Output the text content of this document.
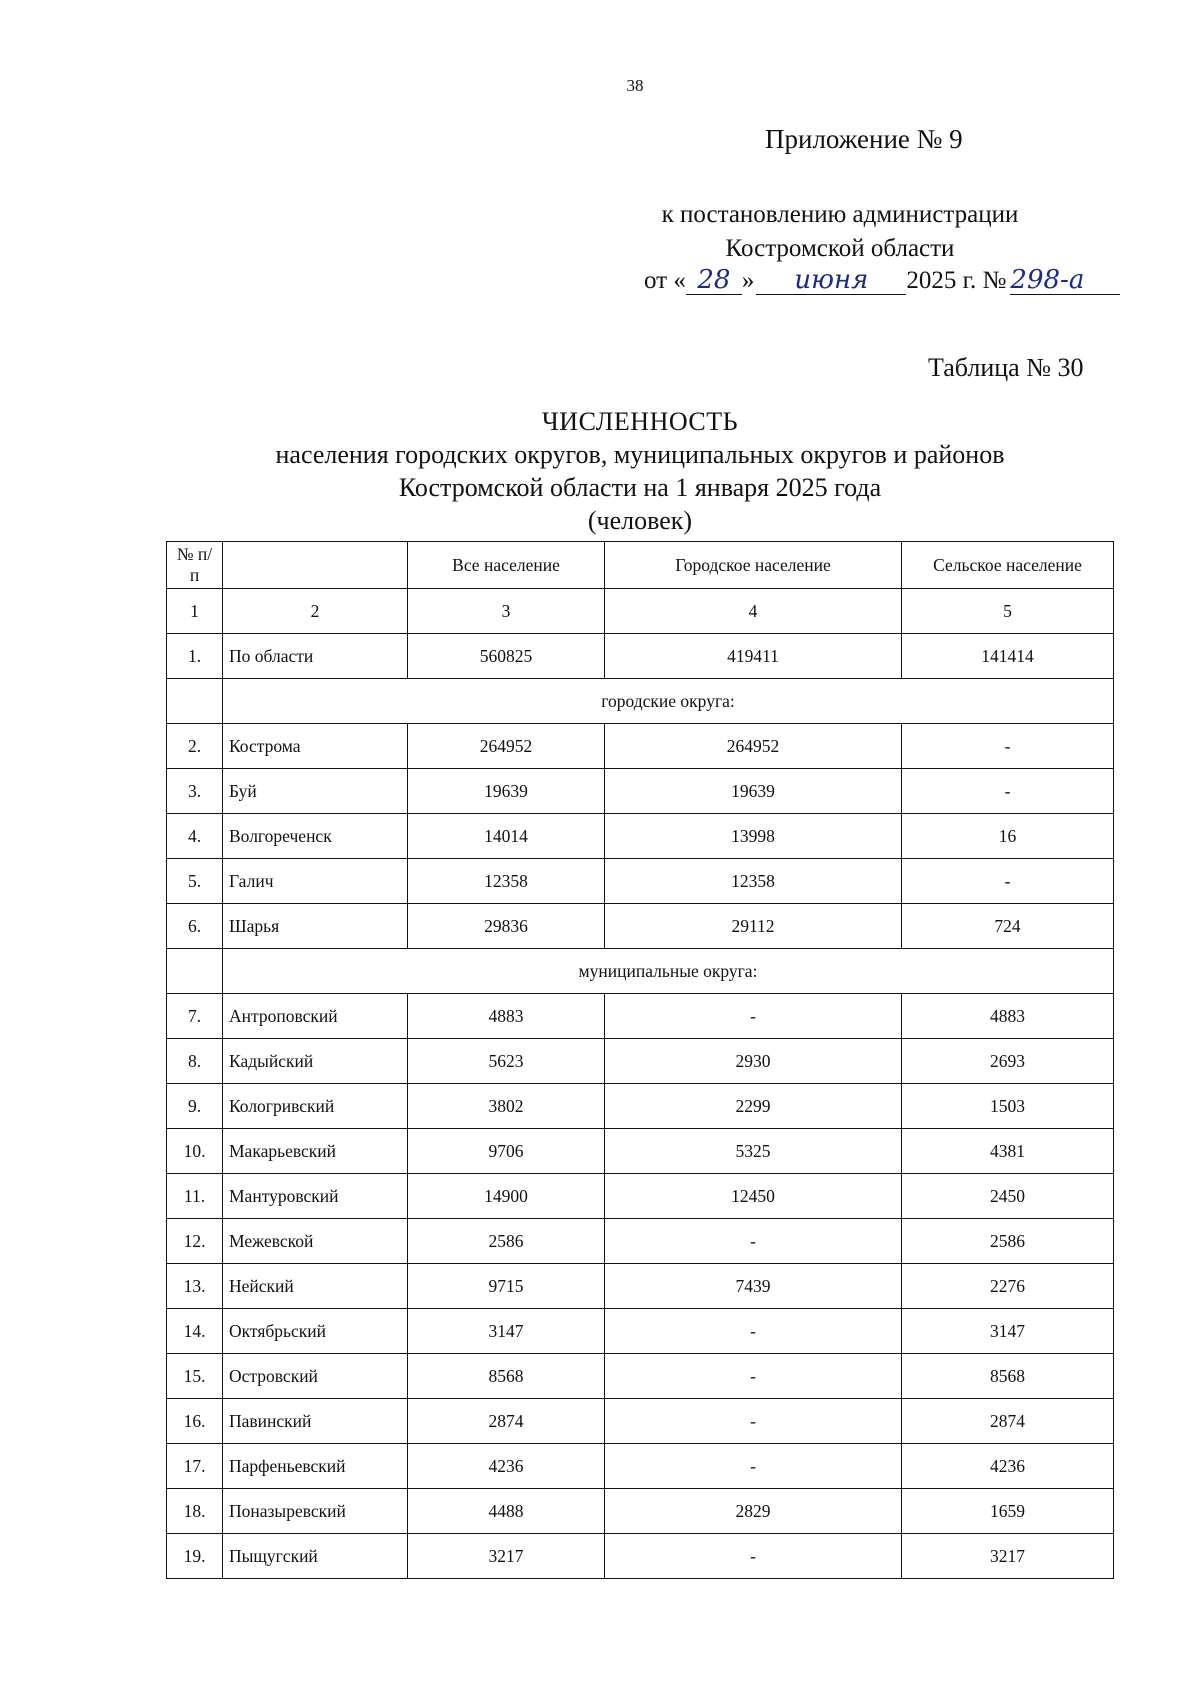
38
Приложение № 9
к постановлению администрации
Костромской области
от « 28 » июня 2025 г. № 298-а
Таблица № 30
ЧИСЛЕННОСТЬ
населения городских округов, муниципальных округов и районов
Костромской области на 1 января 2025 года
(человек)
№ п/п		Все население	Городское население	Сельское население
1	2	3	4	5
1.	По области	560825	419411	141414
	городские округа:			
2.	Кострома	264952	264952	-
3.	Буй	19639	19639	-
4.	Волгореченск	14014	13998	16
5.	Галич	12358	12358	-
6.	Шарья	29836	29112	724
	муниципальные округа:			
7.	Антроповский	4883	-	4883
8.	Кадыйский	5623	2930	2693
9.	Кологривский	3802	2299	1503
10.	Макарьевский	9706	5325	4381
11.	Мантуровский	14900	12450	2450
12.	Межевской	2586	-	2586
13.	Нейский	9715	7439	2276
14.	Октябрьский	3147	-	3147
15.	Островский	8568	-	8568
16.	Павинский	2874	-	2874
17.	Парфеньевский	4236	-	4236
18.	Поназыревский	4488	2829	1659
19.	Пыщугский	3217	-	3217
